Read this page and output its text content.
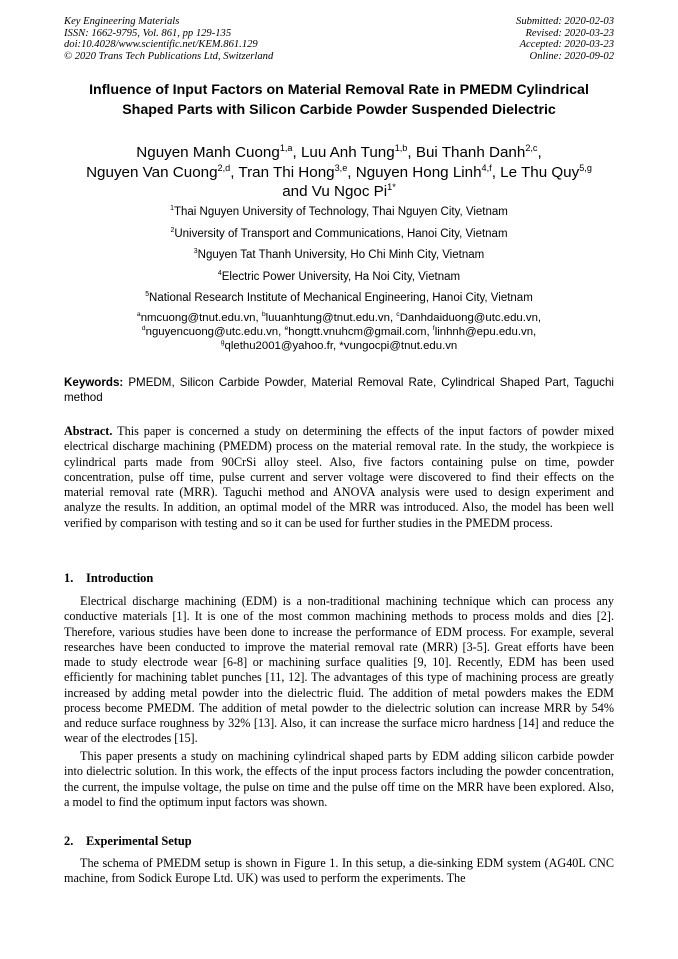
Key Engineering Materials
ISSN: 1662-9795, Vol. 861, pp 129-135
doi:10.4028/www.scientific.net/KEM.861.129
© 2020 Trans Tech Publications Ltd, Switzerland
Submitted: 2020-02-03
Revised: 2020-03-23
Accepted: 2020-03-23
Online: 2020-09-02
Influence of Input Factors on Material Removal Rate in PMEDM Cylindrical Shaped Parts with Silicon Carbide Powder Suspended Dielectric
Nguyen Manh Cuong$^{1,a}$, Luu Anh Tung$^{1,b}$, Bui Thanh Danh$^{2,c}$,
Nguyen Van Cuong$^{2,d}$, Tran Thi Hong$^{3,e}$, Nguyen Hong Linh$^{4,f}$, Le Thu Quy$^{5,g}$
and Vu Ngoc $Pi^{1*}$
$^1$Thai Nguyen University of Technology, Thai Nguyen City, Vietnam
$^2$University of Transport and Communications, Hanoi City, Vietnam
$^3$Nguyen Tat Thanh University, Ho Chi Minh City, Vietnam
$^4$Electric Power University, Ha Noi City, Vietnam
$^5$National Research Institute of Mechanical Engineering, Hanoi City, Vietnam
$^a$nmcuong@tnut.edu.vn, $^b$luuanhtung@tnut.edu.vn, $^c$Danhdaiduong@utc.edu.vn,
$^d$nguyencuong@utc.edu.vn, $^e$hongtt.vnuhcm@gmail.com, $^f$linhnh@epu.edu.vn,
$^g$qlethu2001@yahoo.fr, *vungocpi@tnut.edu.vn
Keywords: PMEDM, Silicon Carbide Powder, Material Removal Rate, Cylindrical Shaped Part, Taguchi method
Abstract. This paper is concerned a study on determining the effects of the input factors of powder mixed electrical discharge machining (PMEDM) process on the material removal rate. In the study, the workpiece is cylindrical parts made from 90CrSi alloy steel. Also, five factors containing pulse on time, powder concentration, pulse off time, pulse current and server voltage were discovered to find their effects on the material removal rate (MRR). Taguchi method and ANOVA analysis were used to design experiment and analyze the results. In addition, an optimal model of the MRR was introduced. Also, the model has been well verified by comparison with testing and so it can be used for further studies in the PMEDM process.
1. Introduction
Electrical discharge machining (EDM) is a non-traditional machining technique which can process any conductive materials [1]. It is one of the most common machining methods to process molds and dies [2]. Therefore, various studies have been done to increase the performance of EDM process. For example, several researches have been conducted to improve the material removal rate (MRR) [3-5]. Great efforts have been made to study electrode wear [6-8] or machining surface qualities [9, 10]. Recently, EDM has been used efficiently for machining tablet punches [11, 12]. The advantages of this type of machining process are greatly increased by adding metal powder into the dielectric fluid. The addition of metal powders makes the EDM process become PMEDM. The addition of metal powder to the dielectric solution can increase MRR by 54% and reduce surface roughness by 32% [13]. Also, it can increase the surface micro hardness [14] and reduce the wear of the electrodes [15].
This paper presents a study on machining cylindrical shaped parts by EDM adding silicon carbide powder into dielectric solution. In this work, the effects of the input process factors including the powder concentration, the current, the impulse voltage, the pulse on time and the pulse off time on the MRR have been explored. Also, a model to find the optimum input factors was shown.
2. Experimental Setup
The schema of PMEDM setup is shown in Figure 1. In this setup, a die-sinking EDM system (AG40L CNC machine, from Sodick Europe Ltd. UK) was used to perform the experiments. The
